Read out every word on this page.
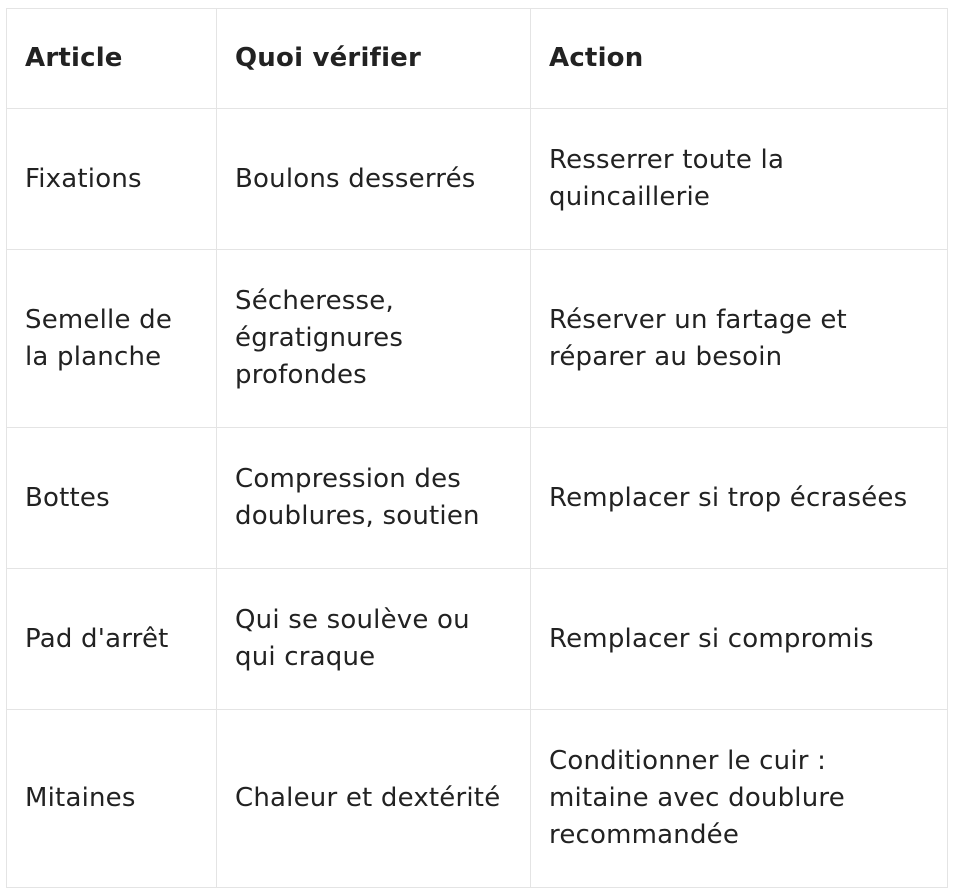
Article	Quoi vérifier	Action
Fixations	Boulons desserrés	Resserrer toute la quincaillerie
Semelle de la planche	Sécheresse, égratignures profondes	Réserver un fartage et réparer au besoin
Bottes	Compression des doublures, soutien	Remplacer si trop écrasées
Pad d'arrêt	Qui se soulève ou qui craque	Remplacer si compromis
Mitaines	Chaleur et dextérité	Conditionner le cuir : mitaine avec doublure recommandée
